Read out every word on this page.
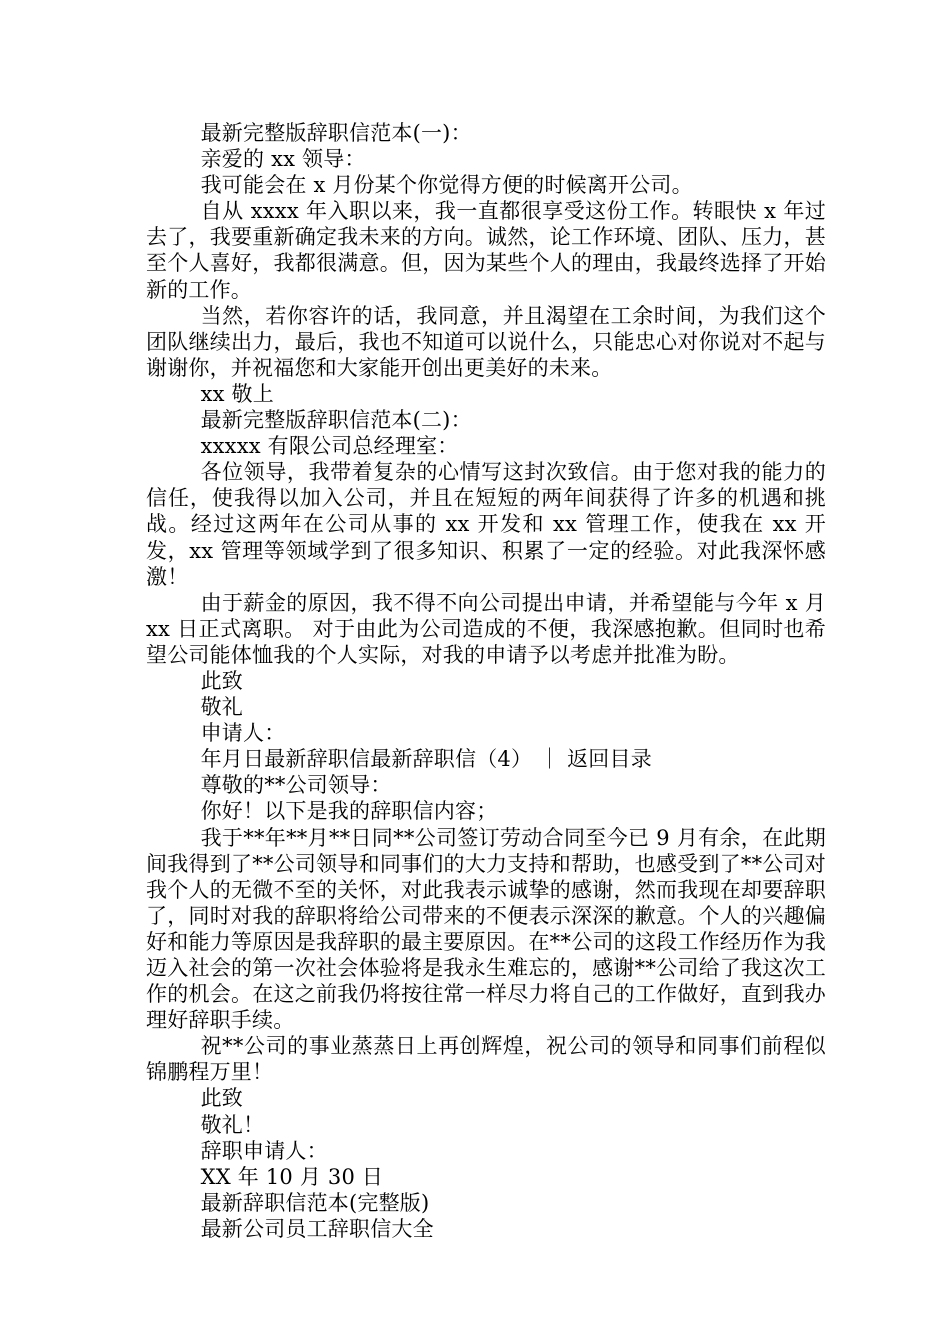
最新完整版辞职信范本(一)：

亲爱的 xx 领导：

我可能会在 x 月份某个你觉得方便的时候离开公司。

自从 xxxx 年入职以来，我一直都很享受这份工作。转眼快 x 年过去了，我要重新确定我未来的方向。诚然，论工作环境、团队、压力，甚至个人喜好，我都很满意。但，因为某些个人的理由，我最终选择了开始新的工作。

当然，若你容许的话，我同意，并且渴望在工余时间，为我们这个团队继续出力，最后，我也不知道可以说什么，只能忠心对你说对不起与谢谢你，并祝福您和大家能开创出更美好的未来。

xx 敬上

最新完整版辞职信范本(二)：

xxxxx 有限公司总经理室：

各位领导，我带着复杂的心情写这封次致信。由于您对我的能力的信任，使我得以加入公司，并且在短短的两年间获得了许多的机遇和挑战。经过这两年在公司从事的 xx 开发和 xx 管理工作，使我在 xx 开发，xx 管理等领域学到了很多知识、积累了一定的经验。对此我深怀感激！

由于薪金的原因，我不得不向公司提出申请，并希望能与今年 x 月 xx 日正式离职。 对于由此为公司造成的不便，我深感抱歉。但同时也希望公司能体恤我的个人实际，对我的申请予以考虑并批准为盼。

此致

敬礼

申请人：

年月日最新辞职信最新辞职信（4） ｜ 返回目录

尊敬的**公司领导：

你好！以下是我的辞职信内容；

我于**年**月**日同**公司签订劳动合同至今已 9 月有余，在此期间我得到了**公司领导和同事们的大力支持和帮助，也感受到了**公司对我个人的无微不至的关怀，对此我表示诚挚的感谢，然而我现在却要辞职了，同时对我的辞职将给公司带来的不便表示深深的歉意。个人的兴趣偏好和能力等原因是我辞职的最主要原因。在**公司的这段工作经历作为我迈入社会的第一次社会体验将是我永生难忘的，感谢**公司给了我这次工作的机会。在这之前我仍将按往常一样尽力将自己的工作做好，直到我办理好辞职手续。

祝**公司的事业蒸蒸日上再创辉煌，祝公司的领导和同事们前程似锦鹏程万里！

此致

敬礼！

辞职申请人：

XX 年 10 月 30 日

最新辞职信范本(完整版)

最新公司员工辞职信大全
